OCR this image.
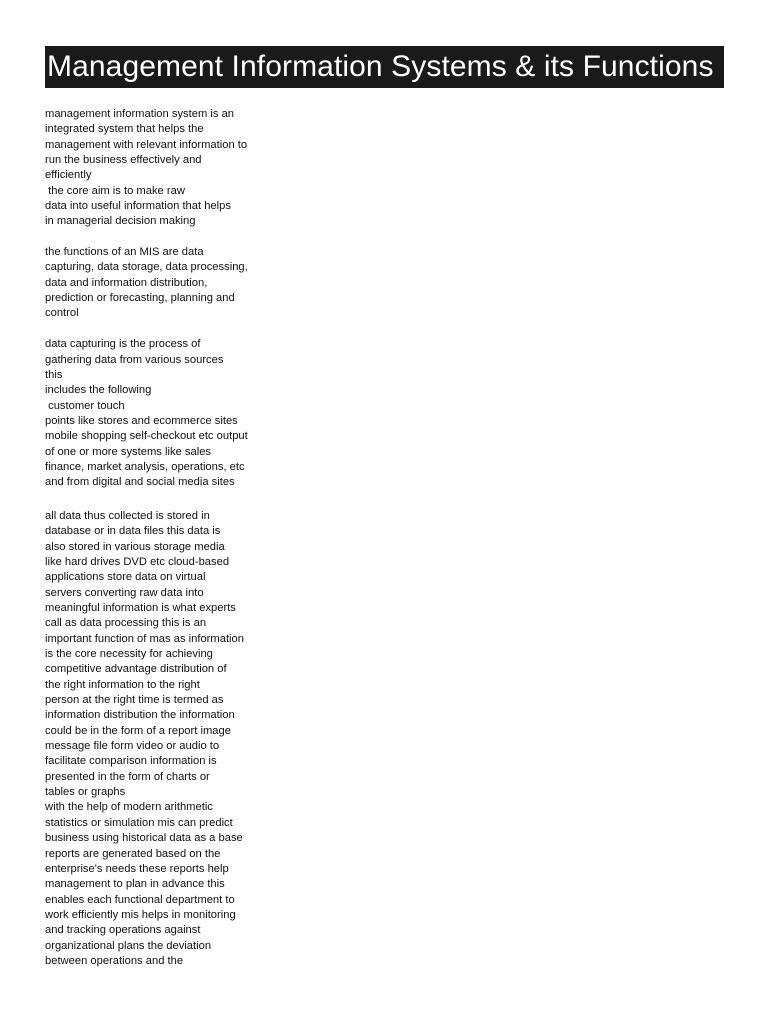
Management Information Systems & its Functions
management information system is an
integrated system that helps the
management with relevant information to
run the business effectively and
efficiently
the core aim is to make raw
data into useful information that helps
in managerial decision making
the functions of an MIS are data
capturing, data storage, data processing,
data and information distribution,
prediction or forecasting, planning and
control
data capturing is the process of
gathering data from various sources
this
includes the following
customer touch
points like stores and ecommerce sites
mobile shopping self-checkout etc output
of one or more systems like sales
finance, market analysis, operations, etc
and from digital and social media sites
all data thus collected is stored in
database or in data files this data is
also stored in various storage media
like hard drives DVD etc cloud-based
applications store data on virtual
servers converting raw data into
meaningful information is what experts
call as data processing this is an
important function of mas as information
is the core necessity for achieving
competitive advantage distribution of
the right information to the right
person at the right time is termed as
information distribution the information
could be in the form of a report image
message file form video or audio to
facilitate comparison information is
presented in the form of charts or
tables or graphs
with the help of modern arithmetic
statistics or simulation mis can predict
business using historical data as a base
reports are generated based on the
enterprise's needs these reports help
management to plan in advance this
enables each functional department to
work efficiently mis helps in monitoring
and tracking operations against
organizational plans the deviation
between operations and the
